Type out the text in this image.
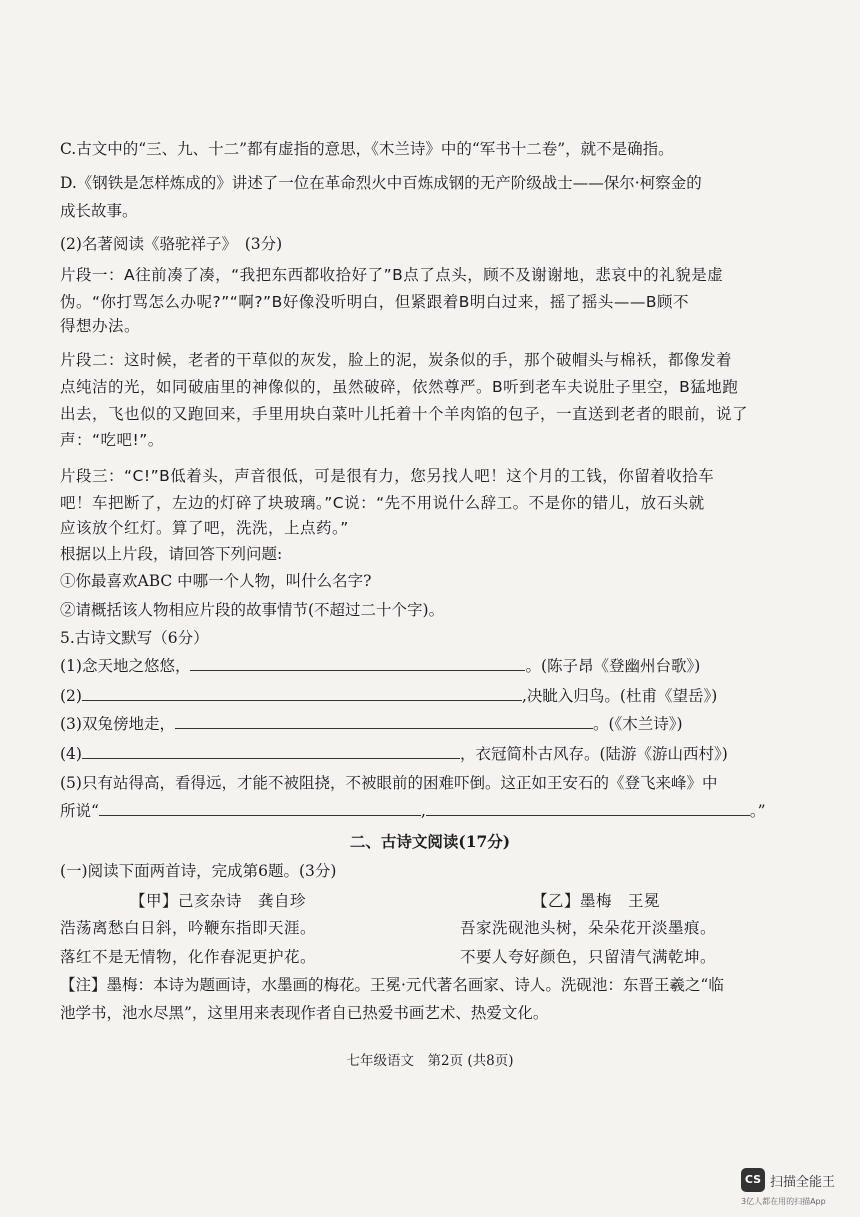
C.古文中的“三、九、十二”都有虚指的意思，《木兰诗》中的“军书十二卷”，就不是确指。
D.《钢铁是怎样炼成的》讲述了一位在革命烈火中百炼成钢的无产阶级战士——保尔·柯察金的
成长故事。
(2)名著阅读《骆驼祥子》　(3分)
片段一：A往前凑了凑，“我把东西都收拾好了”B点了点头，顾不及谢谢地，悲哀中的礼貌是虚
伪。“你打骂怎么办呢?”“啊?”B好像没听明白，但紧跟着B明白过来，摇了摇头——B顾不
得想办法。
片段二：这时候，老者的干草似的灰发，脸上的泥，炭条似的手，那个破帽头与棉袄，都像发着
点纯洁的光，如同破庙里的神像似的，虽然破碎，依然尊严。B听到老车夫说肚子里空，B猛地跑
出去，飞也似的又跑回来，手里用块白菜叶儿托着十个羊肉馅的包子，一直送到老者的眼前，说了
声：“吃吧!”。
片段三：“C!”B低着头，声音很低，可是很有力，您另找人吧！这个月的工钱，你留着收拾车
吧！车把断了，左边的灯碎了块玻璃。”C说：“先不用说什么辞工。不是你的错儿，放石头就
应该放个红灯。算了吧，洗洗，上点药。”
根据以上片段，请回答下列问题:
①你最喜欢ABC 中哪一个人物，叫什么名字?
②请概括该人物相应片段的故事情节(不超过二十个字)。
5.古诗文默写（6分）
(1)念天地之悠悠，	。(陈子昂《登幽州台歌》)
(2)	,决眦入归鸟。(杜甫《望岳》)
(3)双兔傍地走，	。(《木兰诗》)
(4)	，衣冠简朴古风存。(陆游《游山西村》)
(5)只有站得高，看得远，才能不被阻挠，不被眼前的困难吓倒。这正如王安石的《登飞来峰》中
所说“	,	。”
二、古诗文阅读(17分)
(一)阅读下面两首诗，完成第6题。(3分)
【甲】己亥杂诗　龚自珍	【乙】墨梅　王冕
浩荡离愁白日斜，吟鞭东指即天涯。	吾家洗砚池头树，朵朵花开淡墨痕。
落红不是无情物，化作春泥更护花。	不要人夸好颜色，只留清气满乾坤。
【注】墨梅：本诗为题画诗，水墨画的梅花。王冕·元代著名画家、诗人。洗砚池：东晋王羲之“临
池学书，池水尽黑”，这里用来表现作者自已热爱书画艺术、热爱文化。
七年级语文　第2页 (共8页)
CS 扫描全能王
3亿人都在用的扫描App
